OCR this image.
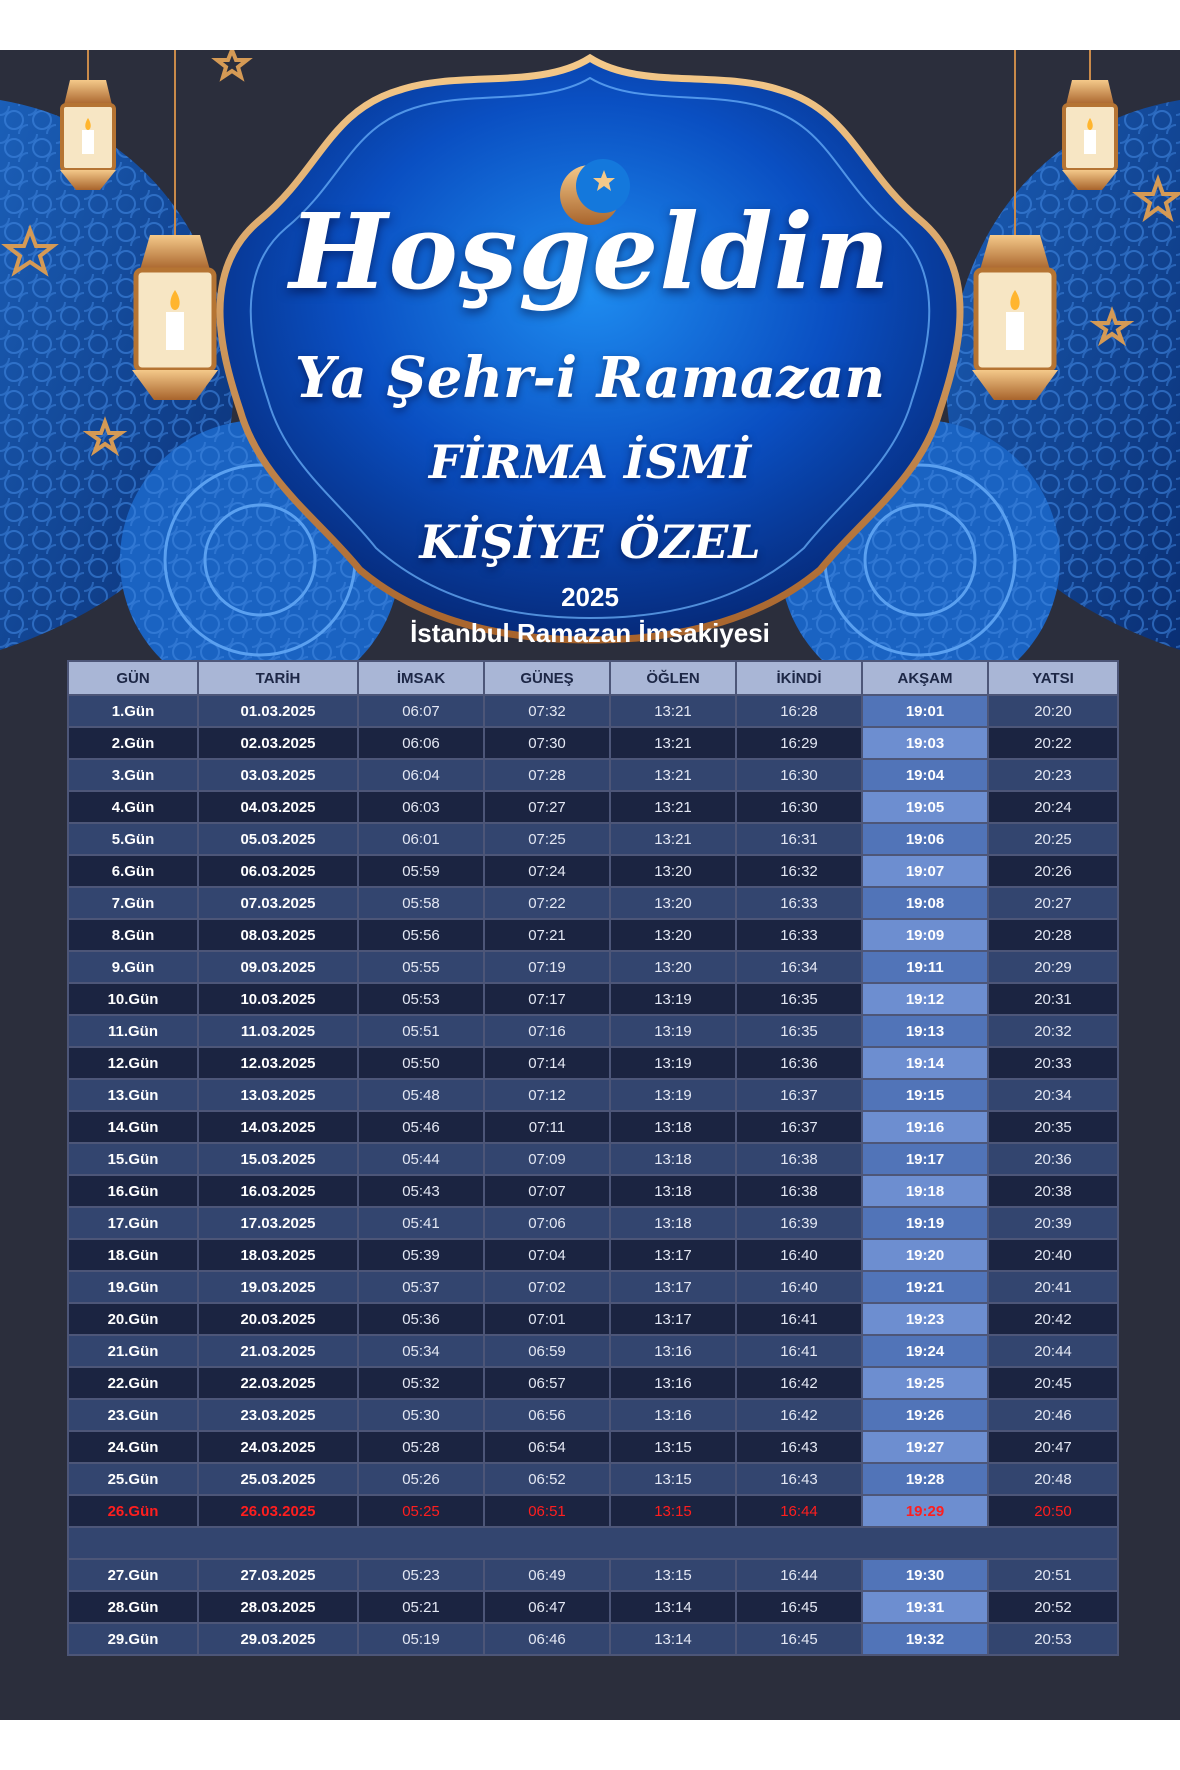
Hoşgeldin
Ya Şehr-i Ramazan
FİRMA İSMİ
KİŞİYE ÖZEL
2025
İstanbul Ramazan İmsakiyesi
GÜN	TARİH	İMSAK	GÜNEŞ	ÖĞLEN	İKİNDİ	AKŞAM	YATSI
1.Gün	01.03.2025	06:07	07:32	13:21	16:28	19:01	20:20
2.Gün	02.03.2025	06:06	07:30	13:21	16:29	19:03	20:22
3.Gün	03.03.2025	06:04	07:28	13:21	16:30	19:04	20:23
4.Gün	04.03.2025	06:03	07:27	13:21	16:30	19:05	20:24
5.Gün	05.03.2025	06:01	07:25	13:21	16:31	19:06	20:25
6.Gün	06.03.2025	05:59	07:24	13:20	16:32	19:07	20:26
7.Gün	07.03.2025	05:58	07:22	13:20	16:33	19:08	20:27
8.Gün	08.03.2025	05:56	07:21	13:20	16:33	19:09	20:28
9.Gün	09.03.2025	05:55	07:19	13:20	16:34	19:11	20:29
10.Gün	10.03.2025	05:53	07:17	13:19	16:35	19:12	20:31
11.Gün	11.03.2025	05:51	07:16	13:19	16:35	19:13	20:32
12.Gün	12.03.2025	05:50	07:14	13:19	16:36	19:14	20:33
13.Gün	13.03.2025	05:48	07:12	13:19	16:37	19:15	20:34
14.Gün	14.03.2025	05:46	07:11	13:18	16:37	19:16	20:35
15.Gün	15.03.2025	05:44	07:09	13:18	16:38	19:17	20:36
16.Gün	16.03.2025	05:43	07:07	13:18	16:38	19:18	20:38
17.Gün	17.03.2025	05:41	07:06	13:18	16:39	19:19	20:39
18.Gün	18.03.2025	05:39	07:04	13:17	16:40	19:20	20:40
19.Gün	19.03.2025	05:37	07:02	13:17	16:40	19:21	20:41
20.Gün	20.03.2025	05:36	07:01	13:17	16:41	19:23	20:42
21.Gün	21.03.2025	05:34	06:59	13:16	16:41	19:24	20:44
22.Gün	22.03.2025	05:32	06:57	13:16	16:42	19:25	20:45
23.Gün	23.03.2025	05:30	06:56	13:16	16:42	19:26	20:46
24.Gün	24.03.2025	05:28	06:54	13:15	16:43	19:27	20:47
25.Gün	25.03.2025	05:26	06:52	13:15	16:43	19:28	20:48
26.Gün	26.03.2025	05:25	06:51	13:15	16:44	19:29	20:50

27.Gün	27.03.2025	05:23	06:49	13:15	16:44	19:30	20:51
28.Gün	28.03.2025	05:21	06:47	13:14	16:45	19:31	20:52
29.Gün	29.03.2025	05:19	06:46	13:14	16:45	19:32	20:53
